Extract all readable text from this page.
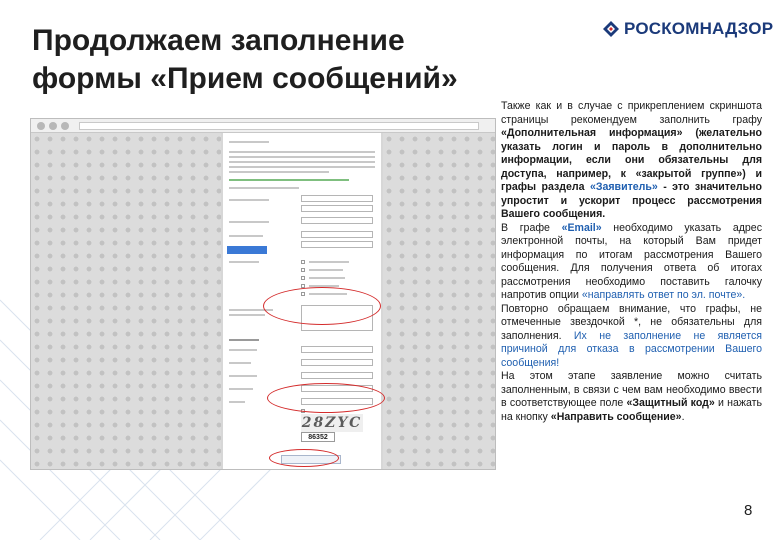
Продолжаем заполнение
формы «Прием сообщений»
РОСКОМНАДЗОР
28ZYC
86352

Также как и в случае с прикреплением скриншота страницы рекомендуем заполнить графу «Дополнительная информация» (желательно указать логин и пароль в дополнительно информации, если они обязательны для доступа, например, к «закрытой группе») и графы раздела «Заявитель» - это значительно упростит и ускорит процесс рассмотрения Вашего сообщения.

В графе «Email» необходимо указать адрес электронной почты, на который Вам придет информация по итогам рассмотрения Вашего сообщения. Для получения ответа об итогах рассмотрения необходимо поставить галочку напротив опции «направлять ответ по эл. почте».

Повторно обращаем внимание, что графы, не отмеченные звездочкой *, не обязательны для заполнения. Их не заполнение не является причиной для отказа в рассмотрении Вашего сообщения!

На этом этапе заявление можно считать заполненным, в связи с чем вам необходимо ввести в соответствующее поле «Защитный код» и нажать на кнопку «Направить сообщение».

8
